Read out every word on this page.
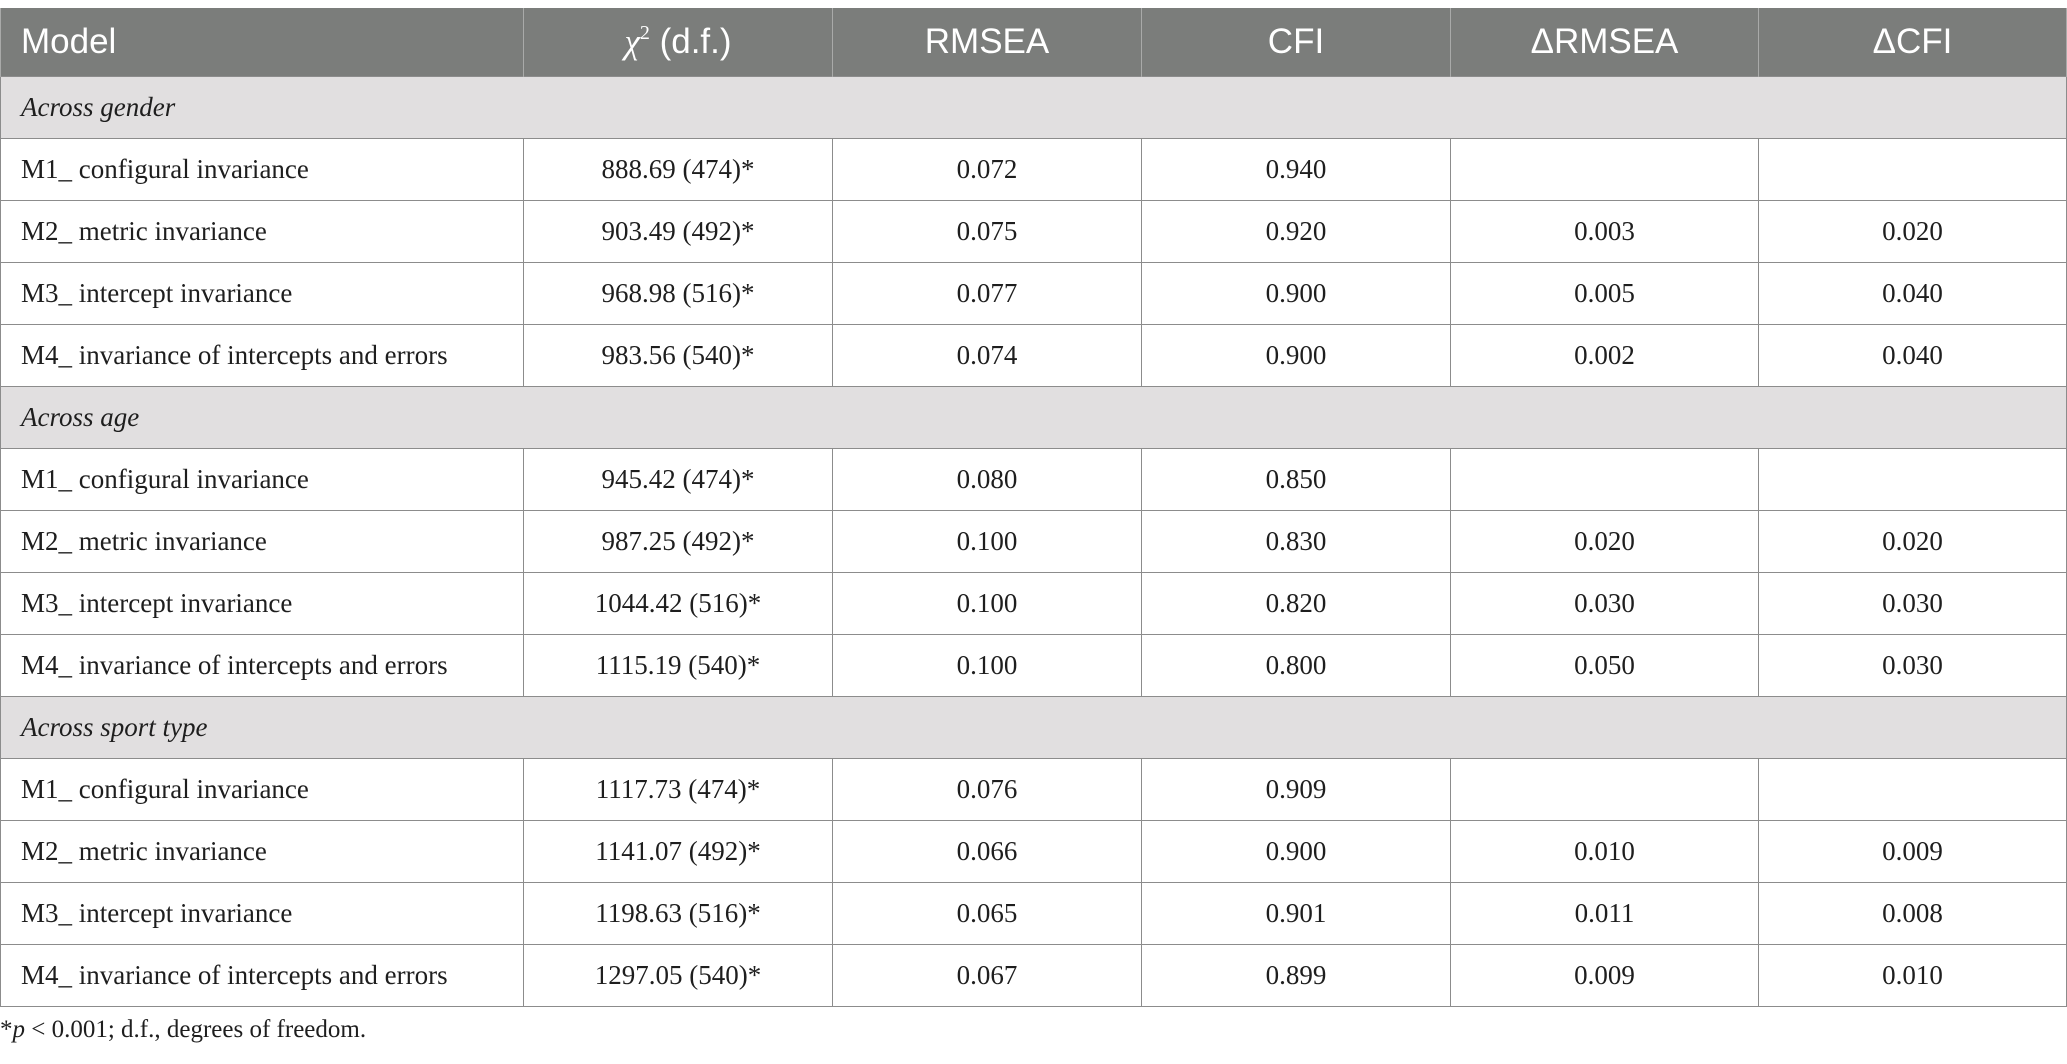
Model	$\chi^2$ (d.f.)	RMSEA	CFI	ΔRMSEA	ΔCFI
Across gender					
M1_ configural invariance	888.69 (474)*	0.072	0.940		
M2_ metric invariance	903.49 (492)*	0.075	0.920	0.003	0.020
M3_ intercept invariance	968.98 (516)*	0.077	0.900	0.005	0.040
M4_ invariance of intercepts and errors	983.56 (540)*	0.074	0.900	0.002	0.040
Across age					
M1_ configural invariance	945.42 (474)*	0.080	0.850		
M2_ metric invariance	987.25 (492)*	0.100	0.830	0.020	0.020
M3_ intercept invariance	1044.42 (516)*	0.100	0.820	0.030	0.030
M4_ invariance of intercepts and errors	1115.19 (540)*	0.100	0.800	0.050	0.030
Across sport type					
M1_ configural invariance	1117.73 (474)*	0.076	0.909		
M2_ metric invariance	1141.07 (492)*	0.066	0.900	0.010	0.009
M3_ intercept invariance	1198.63 (516)*	0.065	0.901	0.011	0.008
M4_ invariance of intercepts and errors	1297.05 (540)*	0.067	0.899	0.009	0.010
*p < 0.001; d.f., degrees of freedom.
